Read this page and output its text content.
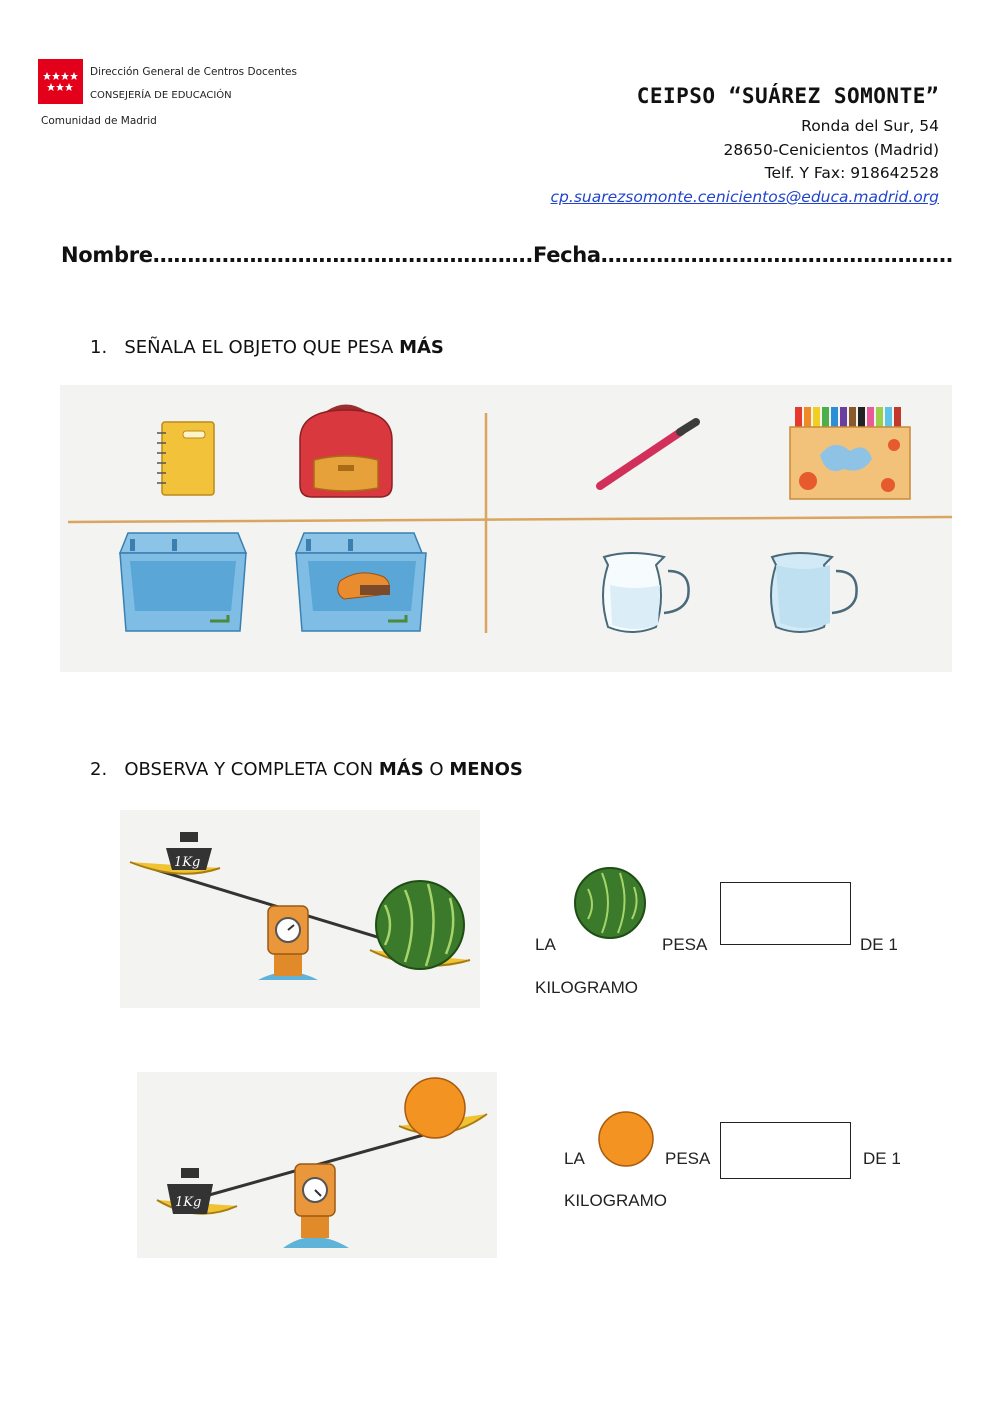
Dirección General de Centros Docentes
CONSEJERÍA DE EDUCACIÓN
Comunidad de Madrid
CEIPSO “SUÁREZ SOMONTE”
Ronda del Sur, 54
28650-Cenicientos (Madrid)
Telf. Y Fax: 918642528
cp.suarezsomonte.cenicientos@educa.madrid.org
Nombre……………………………………………….Fecha……………………………………………
1. SEÑALA EL OBJETO QUE PESA MÁS
2. OBSERVA Y COMPLETA CON MÁS O MENOS
1Kg
LA	PESA	DE 1
KILOGRAMO
1Kg
LA	PESA	DE 1
KILOGRAMO
